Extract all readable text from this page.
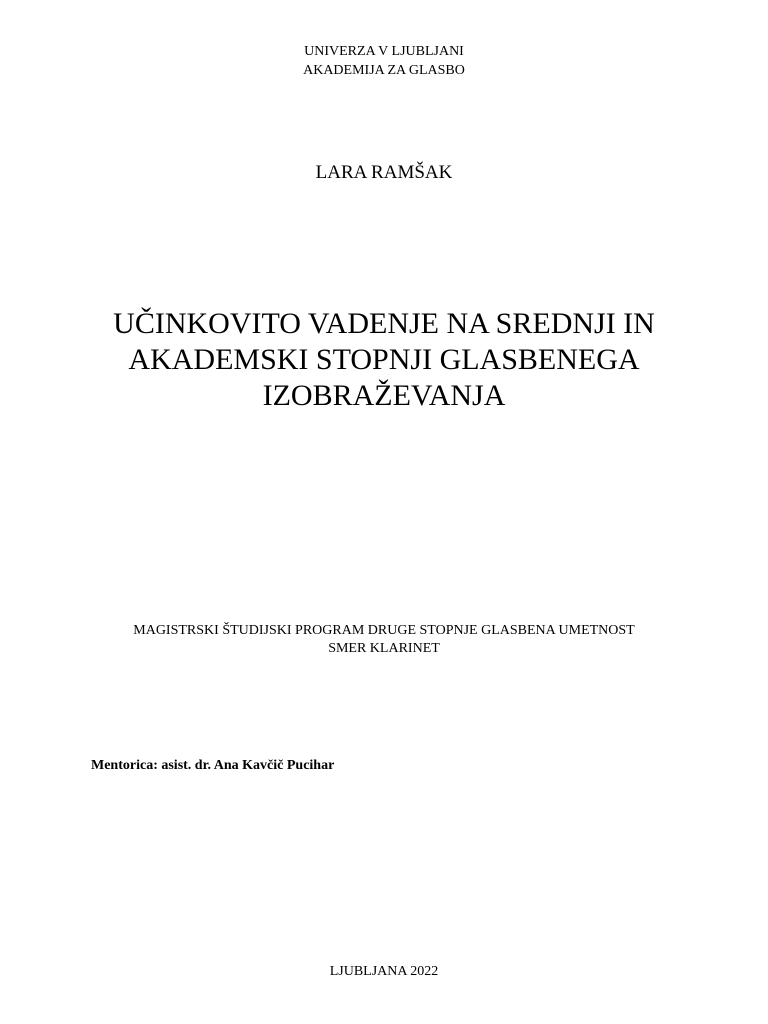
UNIVERZA V LJUBLJANI
AKADEMIJA ZA GLASBO
LARA RAMŠAK
UČINKOVITO VADENJE NA SREDNJI IN
AKADEMSKI STOPNJI GLASBENEGA
IZOBRAŽEVANJA
MAGISTRSKI ŠTUDIJSKI PROGRAM DRUGE STOPNJE GLASBENA UMETNOST
SMER KLARINET
Mentorica: asist. dr. Ana Kavčič Pucihar
LJUBLJANA 2022
